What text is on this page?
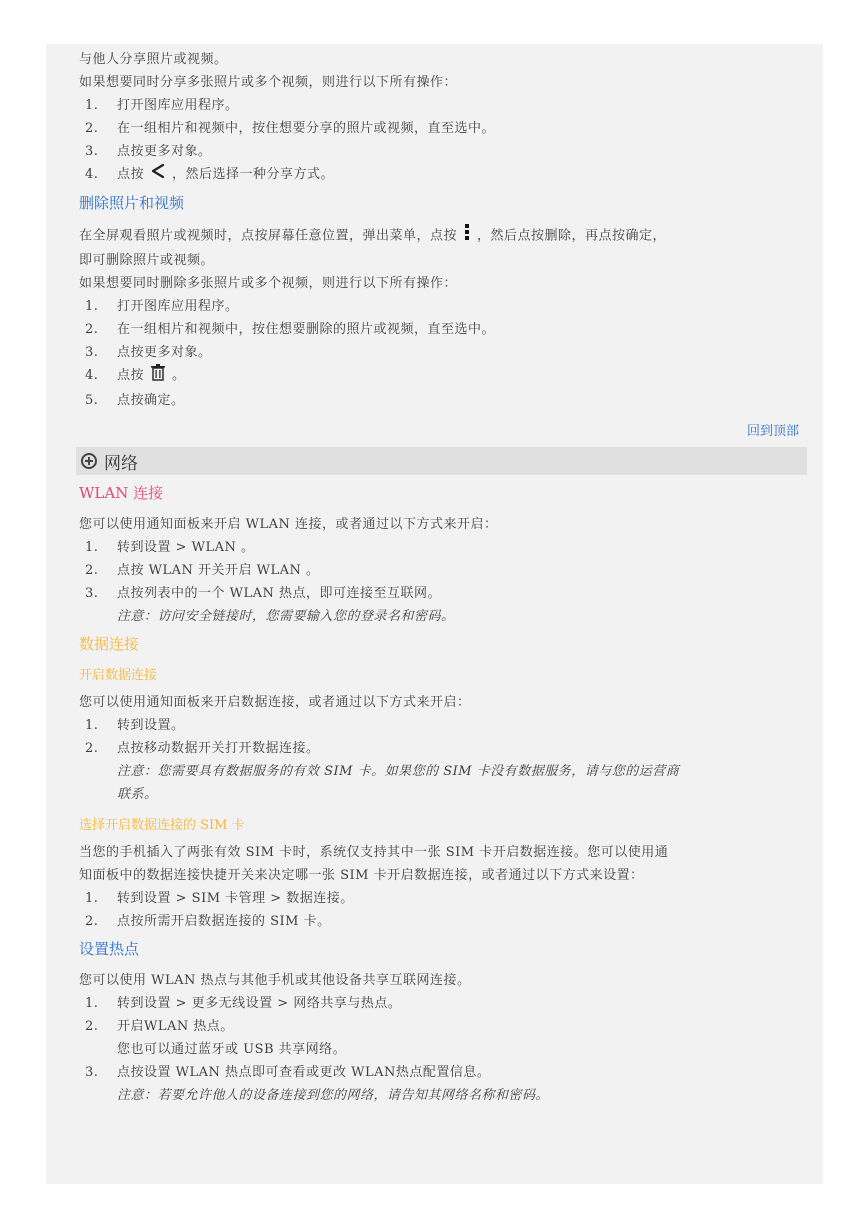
与他人分享照片或视频。

如果想要同时分享多张照片或多个视频，则进行以下所有操作：

1.	打开图库应用程序。
2.	在一组相片和视频中，按住想要分享的照片或视频，直至选中。
3.	点按更多对象。
4.	点按 ，然后选择一种分享方式。
删除照片和视频

在全屏观看照片或视频时，点按屏幕任意位置，弹出菜单，点按 ，然后点按删除，再点按确定，

即可删除照片或视频。

如果想要同时删除多张照片或多个视频，则进行以下所有操作：

1.	打开图库应用程序。
2.	在一组相片和视频中，按住想要删除的照片或视频，直至选中。
3.	点按更多对象。
4.	点按 。
5.	点按确定。
回到顶部
网络
WLAN 连接

您可以使用通知面板来开启 WLAN 连接，或者通过以下方式来开启：

1.	转到设置 > WLAN 。
2.	点按 WLAN 开关开启 WLAN 。
3.	点按列表中的一个 WLAN 热点，即可连接至互联网。

注意：访问安全链接时，您需要输入您的登录名和密码。

数据连接
开启数据连接

您可以使用通知面板来开启数据连接，或者通过以下方式来开启：

1.	转到设置。
2.	点按移动数据开关打开数据连接。

注意：您需要具有数据服务的有效 SIM 卡。如果您的 SIM 卡没有数据服务，请与您的运营商

联系。

选择开启数据连接的 SIM 卡

当您的手机插入了两张有效 SIM 卡时，系统仅支持其中一张 SIM 卡开启数据连接。您可以使用通

知面板中的数据连接快捷开关来决定哪一张 SIM 卡开启数据连接，或者通过以下方式来设置：

1.	转到设置 > SIM 卡管理 > 数据连接。
2.	点按所需开启数据连接的 SIM 卡。
设置热点

您可以使用 WLAN 热点与其他手机或其他设备共享互联网连接。

1.	转到设置 > 更多无线设置 > 网络共享与热点。
2.	开启WLAN 热点。

您也可以通过蓝牙或 USB 共享网络。

3.	点按设置 WLAN 热点即可查看或更改 WLAN热点配置信息。

注意：若要允许他人的设备连接到您的网络，请告知其网络名称和密码。
